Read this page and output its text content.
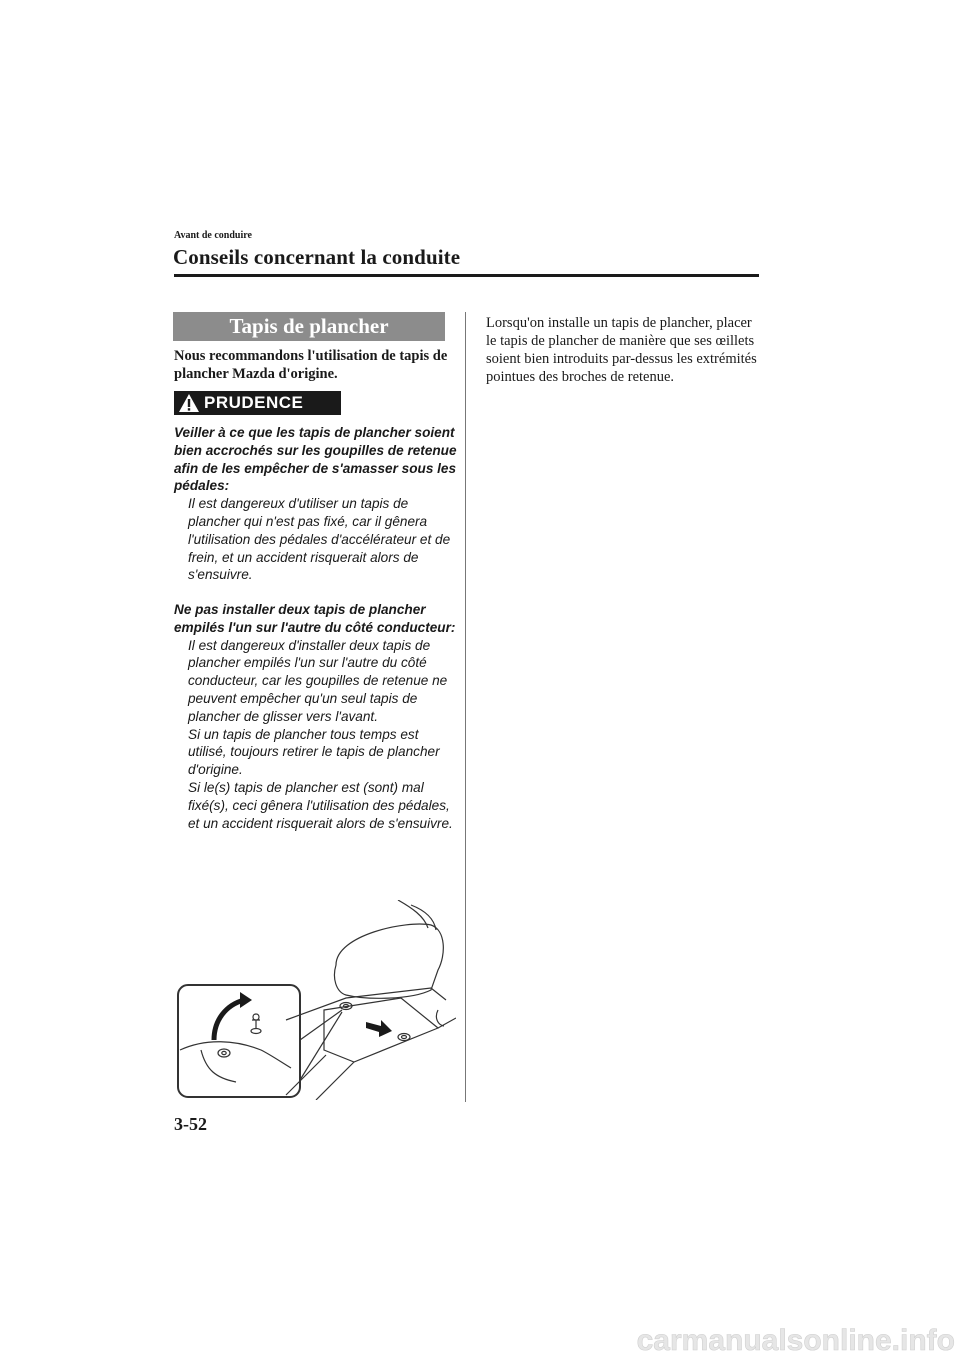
Avant de conduire
Conseils concernant la conduite
Tapis de plancher
Nous recommandons l'utilisation de tapis de plancher Mazda d'origine.
PRUDENCE
Veiller à ce que les tapis de plancher soient bien accrochés sur les goupilles de retenue afin de les empêcher de s'amasser sous les pédales:

Il est dangereux d'utiliser un tapis de plancher qui n'est pas fixé, car il gênera l'utilisation des pédales d'accélérateur et de frein, et un accident risquerait alors de s'ensuivre.

Ne pas installer deux tapis de plancher empilés l'un sur l'autre du côté conducteur:

Il est dangereux d'installer deux tapis de plancher empilés l'un sur l'autre du côté conducteur, car les goupilles de retenue ne peuvent empêcher qu'un seul tapis de plancher de glisser vers l'avant.

Si un tapis de plancher tous temps est utilisé, toujours retirer le tapis de plancher d'origine.

Si le(s) tapis de plancher est (sont) mal fixé(s), ceci gênera l'utilisation des pédales, et un accident risquerait alors de s'ensuivre.

Lorsqu'on installe un tapis de plancher, placer le tapis de plancher de manière que ses œillets soient bien introduits par-dessus les extrémités pointues des broches de retenue.
3-52
carmanualsonline.info
